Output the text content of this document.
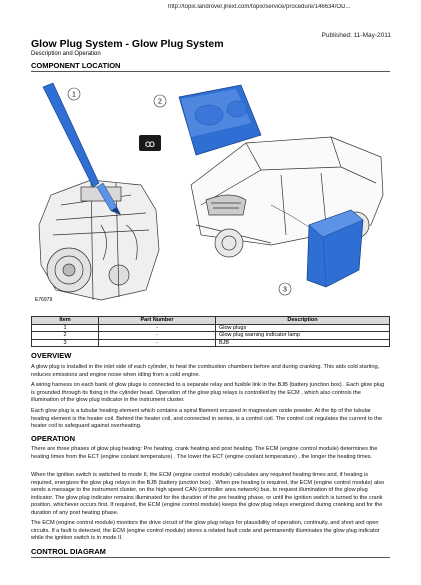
http://topix.landrover.jlrext.com/topix/service/procedure/146634/OD...
Published: 11-May-2011
Glow Plug System - Glow Plug System
Description and Operation
COMPONENT LOCATION
1
2
ꝏ
3
E76979
Item	Part Number	Description
1	-	Glow plugs
2	-	Glow plug warning indicator lamp
3	-	BJB
OVERVIEW
A glow plug is installed in the inlet side of each cylinder, to heat the combustion chambers before and during cranking. This aids cold starting, reduces emissions and engine noise when idling from a cold engine.
A wiring harness on each bank of glow plugs is connected to a separate relay and fusible link in the BJB (battery junction box) . Each glow plug is grounded through its fixing in the cylinder head. Operation of the glow plug relays is controlled by the ECM , which also controls the illumination of the glow plug indicator in the instrument cluster.
Each glow plug is a tubular heating element which contains a spiral filament encased in magnesium oxide powder. At the tip of the tubular heating element is the heater coil. Behind the heater coil, and connected in series, is a control coil. The control coil regulates the current to the heater coil to safeguard against overheating.
OPERATION
There are three phases of glow plug heating: Pre heating, crank heating and post heating. The ECM (engine control module) determines the heating times from the ECT (engine coolant temperature) . The lower the ECT (engine coolant temperature) , the longer the heating times.
When the ignition switch is switched to mode II, the ECM (engine control module) calculates any required heating times and, if heating is required, energizes the glow plug relays in the BJB (battery junction box) . When pre heating is required, the ECM (engine control module) also sends a message to the instrument cluster, on the high speed CAN (controller area network) bus, to request illumination of the glow plug indicator. The glow plug indicator remains illuminated for the duration of the pre heating phase, or until the ignition switch is turned to the crank position, whichever occurs first. If required, the ECM (engine control module) keeps the glow plug relays energized during cranking and for the duration of any post heating phase.
The ECM (engine control module) monitors the drive circuit of the glow plug relays for plausibility of operation, continuity, and short and open circuits. If a fault is detected, the ECM (engine control module) stores a related fault code and permanently illuminates the glow plug indicator while the ignition switch is in mode II.
CONTROL DIAGRAM
